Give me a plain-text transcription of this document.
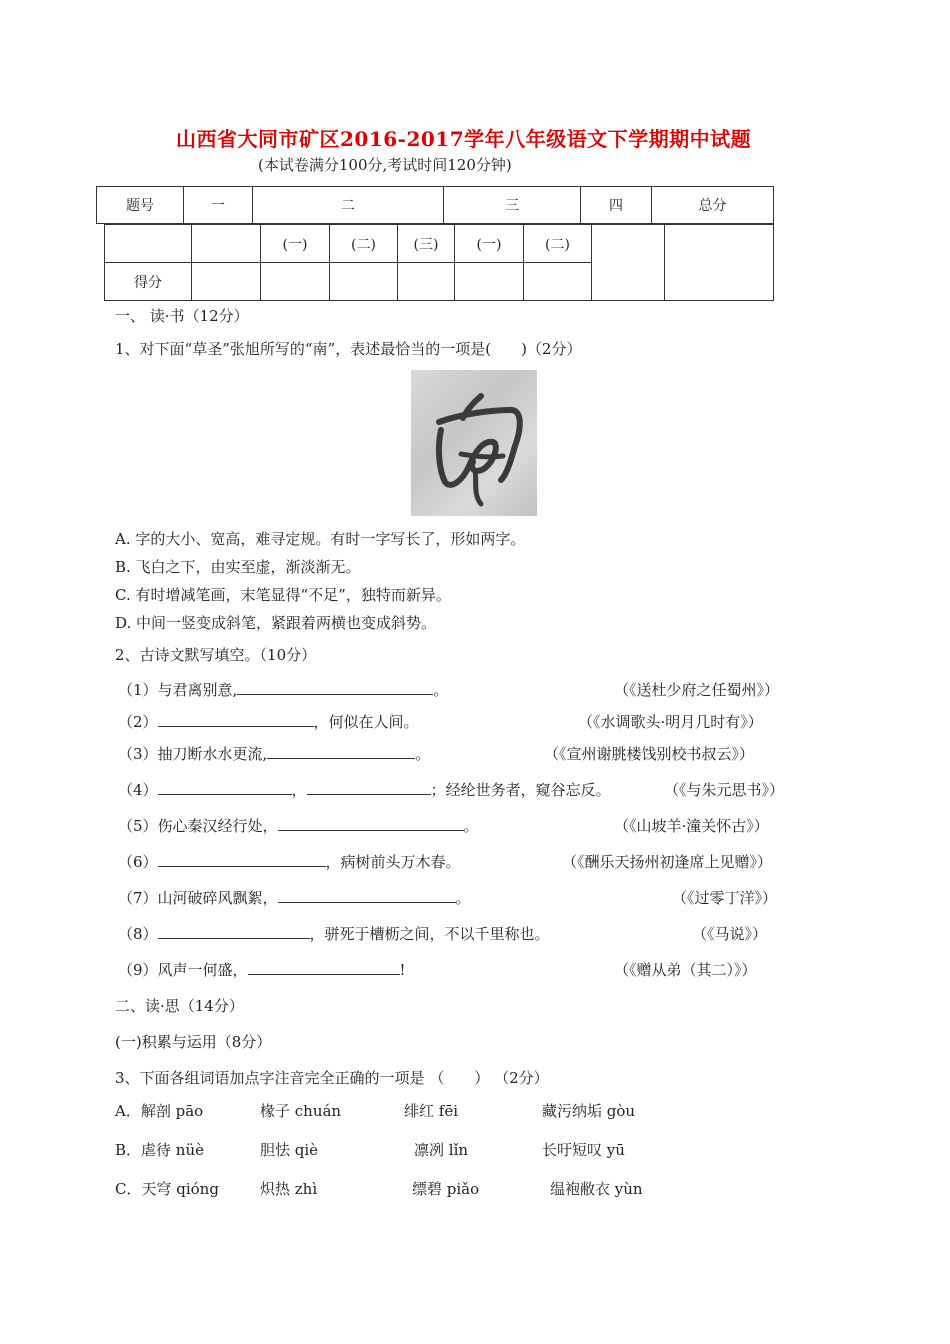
山西省大同市矿区2016-2017学年八年级语文下学期期中试题
(本试卷满分100分,考试时间120分钟)
题号	一	二	三	四	总分
		(一)	(二)	(三)	(一)	(二)		
得分								
一、 读·书（12分）
1、对下面“草圣”张旭所写的“南”，表述最恰当的一项是(　　)（2分）
A. 字的大小、宽高，难寻定规。有时一字写长了，形如两字。
B. 飞白之下，由实至虚，渐淡渐无。
C. 有时增减笔画，末笔显得“不足”，独特而新异。
D. 中间一竖变成斜笔，紧跟着两横也变成斜势。
2、古诗文默写填空。（10分）
（1）与君离别意,	。	（《送杜少府之任蜀州》）
（2）	，何似在人间。	（《水调歌头·明月几时有》）
（3）抽刀断水水更流,	。	（《宣州谢朓楼饯别校书叔云》）
（4）	，	；经纶世务者，窥谷忘反。	（《与朱元思书》）
（5）伤心秦汉经行处，	。	（《山坡羊·潼关怀古》）
（6）	，病树前头万木春。	（《酬乐天扬州初逢席上见赠》）
（7）山河破碎风飘絮，	。	（《过零丁洋》）
（8）	，骈死于槽枥之间，不以千里称也。	（《马说》）
（9）风声一何盛，	!	（《赠从弟（其二）》）
二、读·思（14分）
(一)积累与运用（8分）
3、下面各组词语加点字注音完全正确的一项是 （　　） （2分）
A．解剖 pāo	椽子 chuán	绯红 fēi	藏污纳垢 gòu
B．虐待 nüè	胆怯 qiè	凛冽 lǐn	长吁短叹 yū
C．天穹 qióng	炽热 zhì	缥碧 piǎo	缊袍敝衣 yùn
